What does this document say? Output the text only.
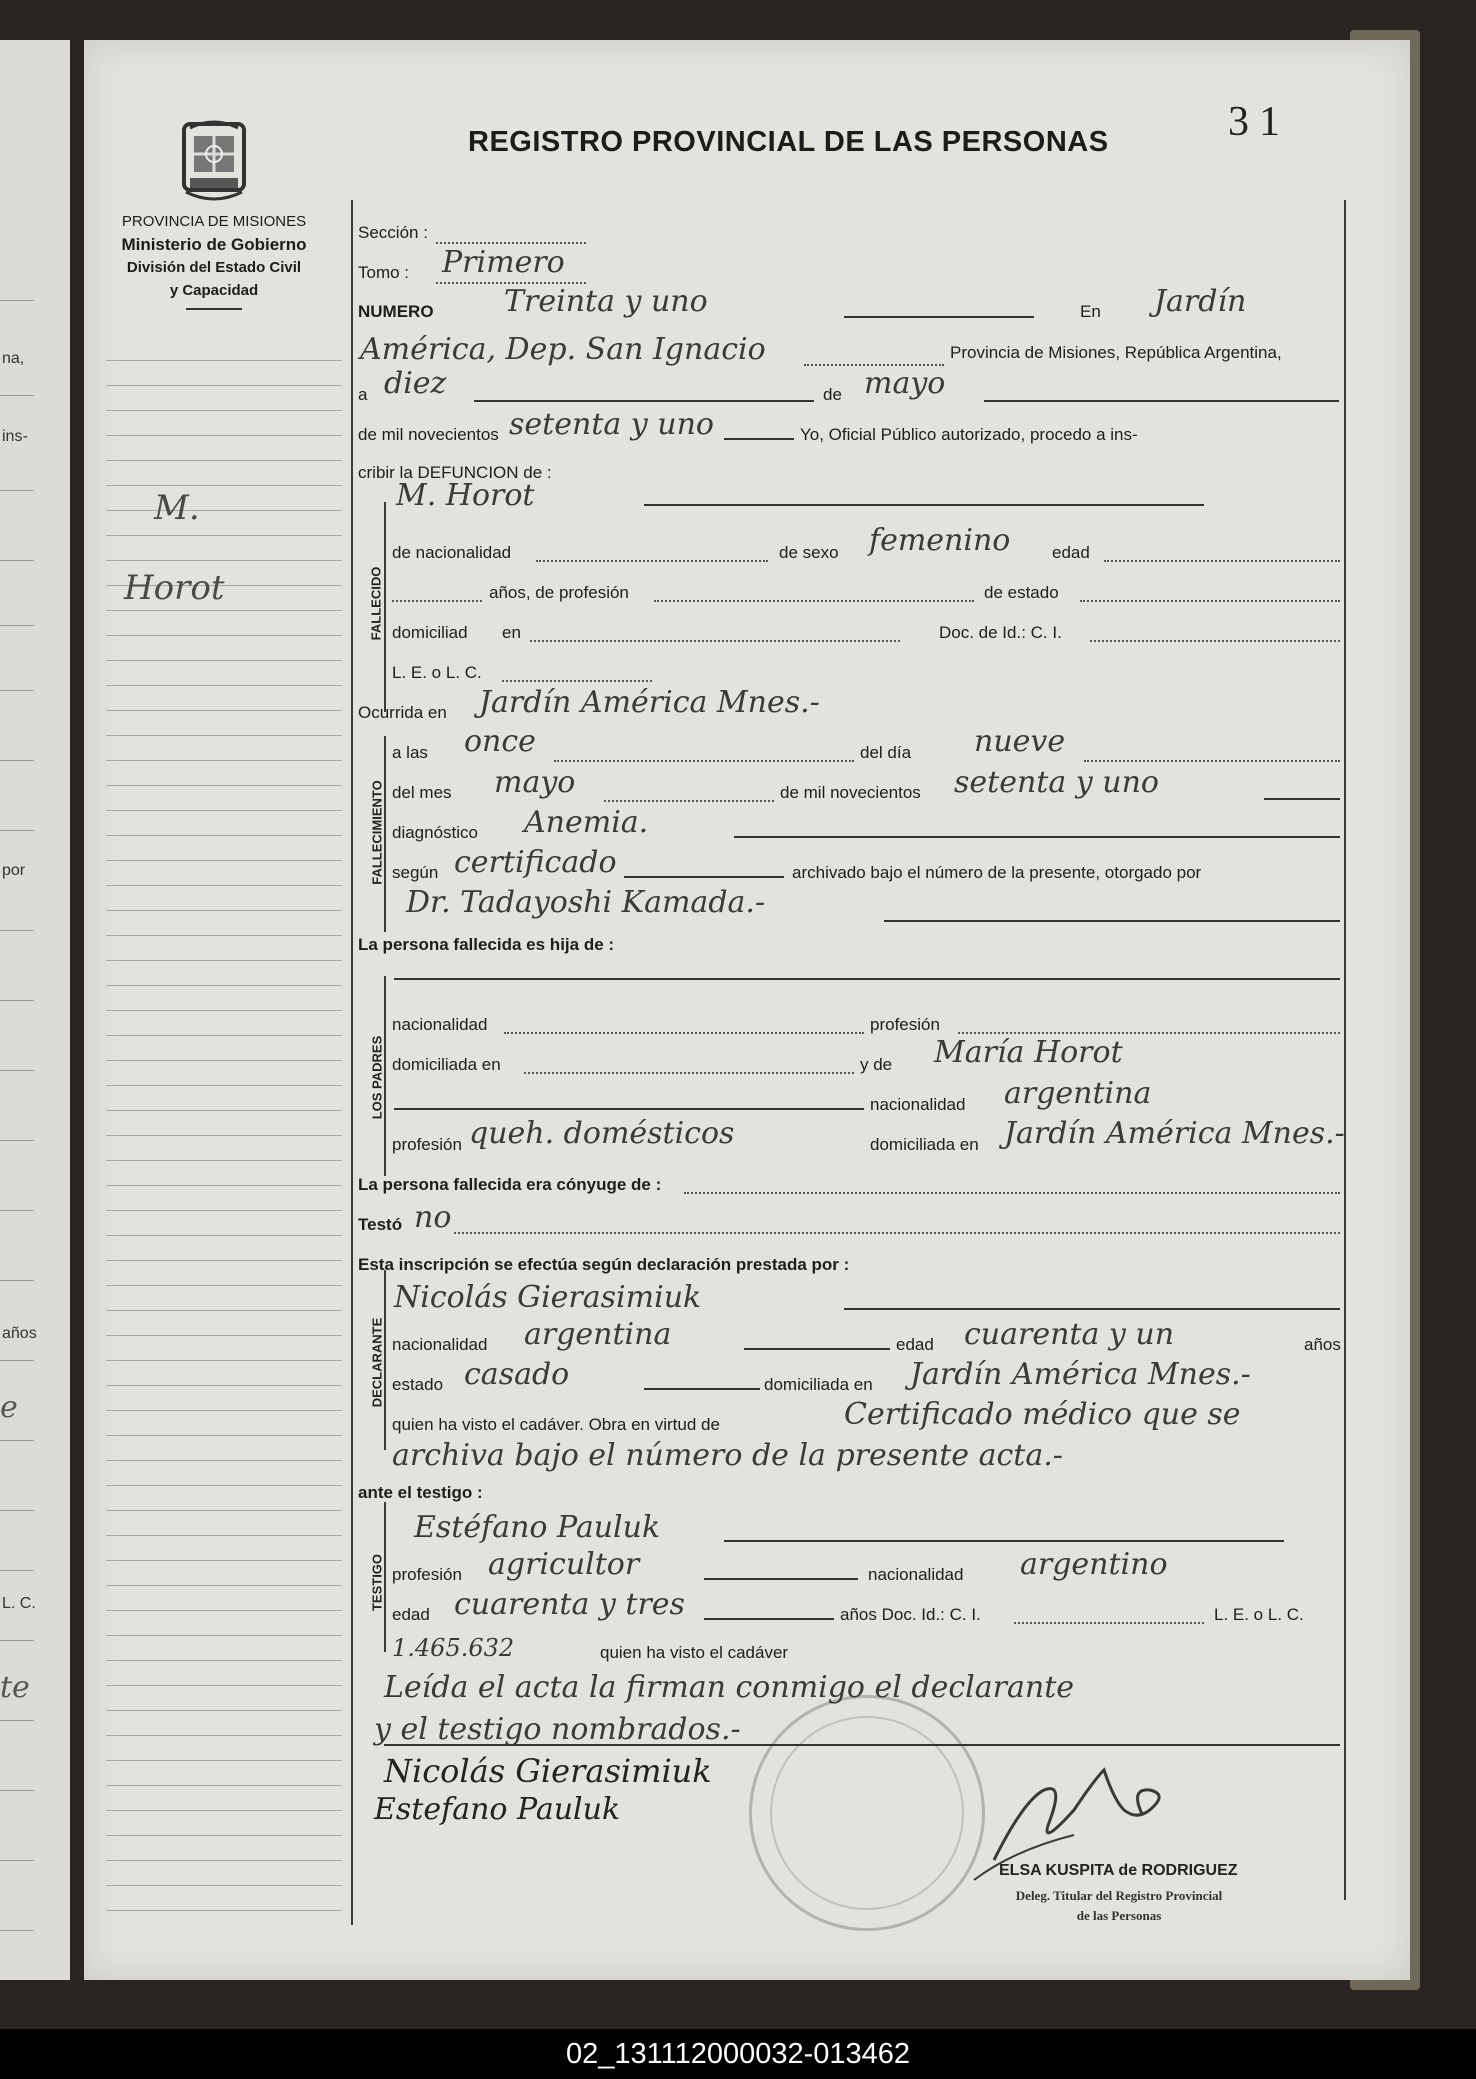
na,
ins-
por
años
e
L. C.
te
31
REGISTRO PROVINCIAL DE LAS PERSONAS
PROVINCIA DE MISIONES
Ministerio de Gobierno
División del Estado Civil
y Capacidad
M.
Horot	FALLECIDO
FALLECIMIENTO
LOS PADRES
DECLARANTE
TESTIGO
Sección :
Tomo : Primero
NUMERO Treinta y uno	En Jardín
América, Dep. San Ignacio	Provincia de Misiones, República Argentina,
a diez	de mayo
de mil novecientos setenta y uno	Yo, Oficial Público autorizado, procedo a ins-
cribir la DEFUNCION de :
M. Horot
de nacionalidad	de sexo femenino edad
años, de profesión	de estado
domiciliad en	Doc. de Id.: C. I.
L. E. o L. C.
Ocurrida en Jardín América Mnes.-
a las once	del día nueve
del mes mayo	de mil novecientos setenta y uno
diagnóstico Anemia.
según certificado	archivado bajo el número de la presente, otorgado por
Dr. Tadayoshi Kamada.-
La persona fallecida es hija de :
nacionalidad	profesión
domiciliada en	y de María Horot
nacionalidad argentina
profesión queh. domésticos	domiciliada en Jardín América Mnes.-
La persona fallecida era cónyuge de :
Testó no
Esta inscripción se efectúa según declaración prestada por :
Nicolás Gierasimiuk
nacionalidad argentina	edad cuarenta y un	años
estado casado	domiciliada en Jardín América Mnes.-
quien ha visto el cadáver. Obra en virtud de	Certificado médico que se
archiva bajo el número de la presente acta.-
ante el testigo :
Estéfano Pauluk
profesión agricultor	nacionalidad argentino
edad cuarenta y tres	años Doc. Id.: C. I.	L. E. o L. C.
1.465.632	quien ha visto el cadáver
Leída el acta la firman conmigo el declarante
y el testigo nombrados.-
Nicolás Gierasimiuk
Estefano Pauluk
ELSA KUSPITA de RODRIGUEZ
Deleg. Titular del Registro Provincial
de las Personas
02_131112000032-013462
